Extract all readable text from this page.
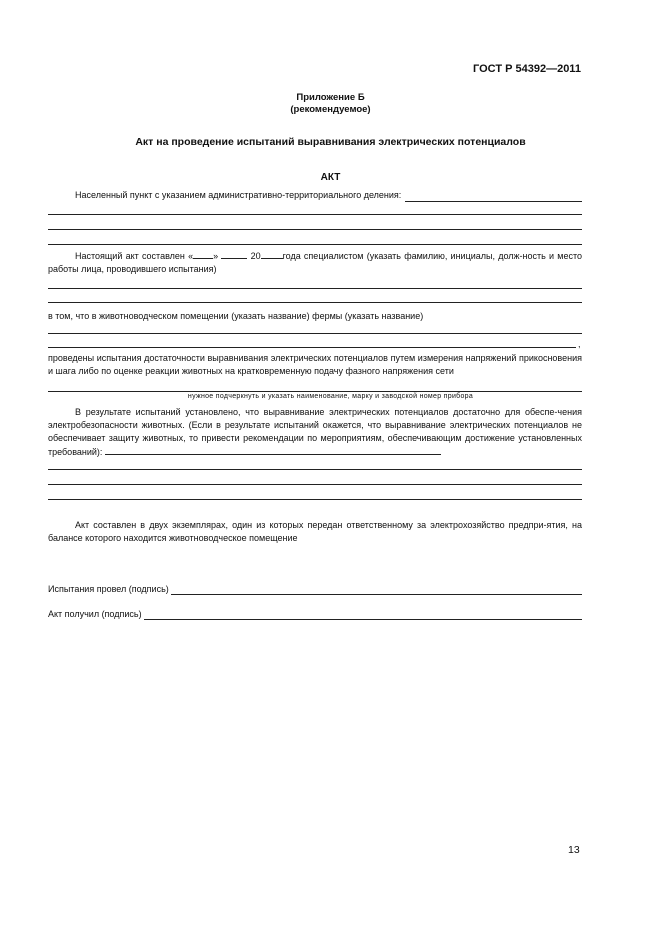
ГОСТ Р 54392—2011
Приложение Б
(рекомендуемое)
Акт на проведение испытаний выравнивания электрических потенциалов
АКТ
Населенный пункт с указанием административно-территориального деления:
Настоящий акт составлен « »	20 года специалистом (указать фамилию, инициалы, долж-ность и место работы лица, проводившего испытания)
в том, что в животноводческом помещении (указать название) фермы (указать название)
,
проведены испытания достаточности выравнивания электрических потенциалов путем измерения напряжений прикосновения и шага либо по оценке реакции животных на кратковременную подачу фазного напряжения сети
нужное подчеркнуть и указать наименование, марку и заводской номер прибора
В результате испытаний установлено, что выравнивание электрических потенциалов достаточно для обеспе-чения электробезопасности животных. (Если в результате испытаний окажется, что выравнивание электрических потенциалов не обеспечивает защиту животных, то привести рекомендации по мероприятиям, обеспечивающим достижение установленных требований):
Акт составлен в двух экземплярах, один из которых передан ответственному за электрохозяйство предпри-ятия, на балансе которого находится животноводческое помещение
Испытания провел (подпись)
Акт получил (подпись)
13
